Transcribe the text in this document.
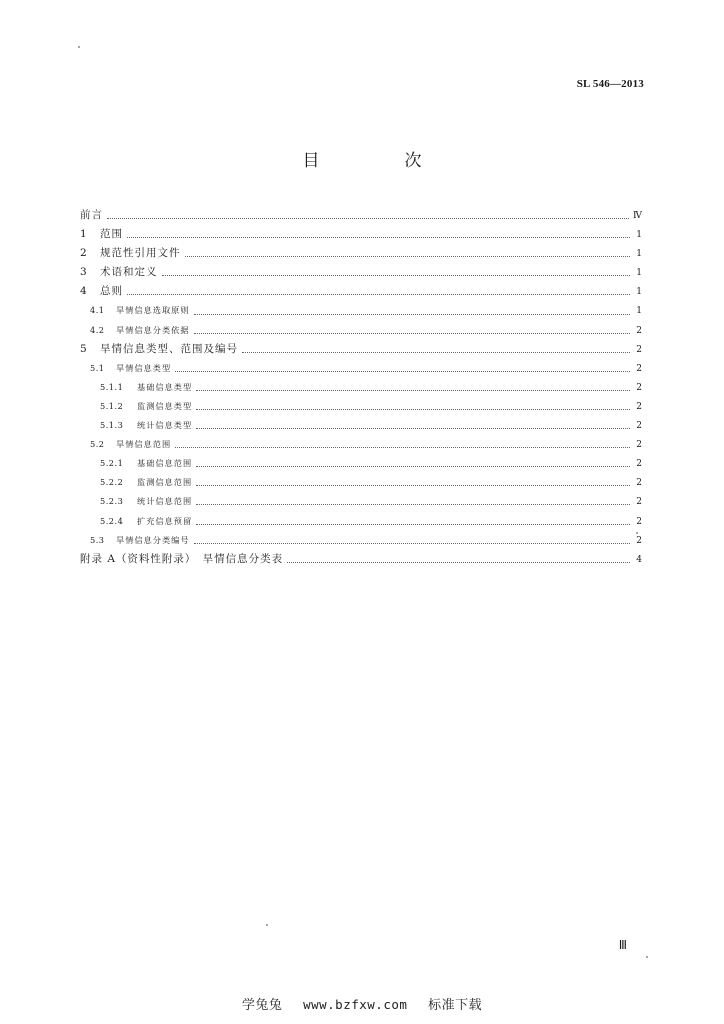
SL 546—2013
目　次
前言	Ⅳ
1	范围	1
2	规范性引用文件	1
3	术语和定义	1
4	总则	1
4.1	旱情信息选取原则	1
4.2	旱情信息分类依据	2
5	旱情信息类型、范围及编号	2
5.1	旱情信息类型	2
5.1.1	基础信息类型	2
5.1.2	监测信息类型	2
5.1.3	统计信息类型	2
5.2	旱情信息范围	2
5.2.1	基础信息范围	2
5.2.2	监测信息范围	2
5.2.3	统计信息范围	2
5.2.4	扩充信息预留	2
5.3	旱情信息分类编号	2
附录 A（资料性附录）　旱情信息分类表	4
Ⅲ
学兔兔 www.bzfxw.com 标准下载
